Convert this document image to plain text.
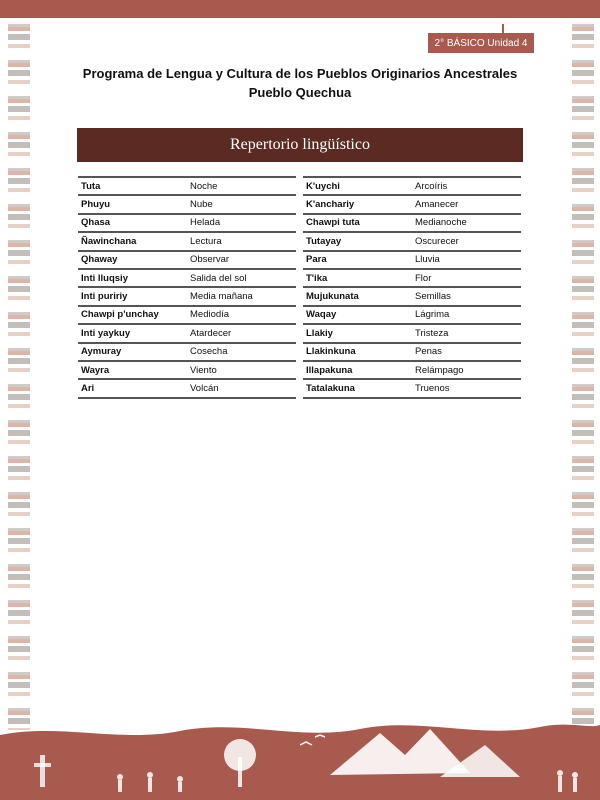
2° BÁSICO Unidad 4
Programa de Lengua y Cultura de los Pueblos Originarios Ancestrales
Pueblo Quechua
Repertorio lingüístico
Tuta	Noche
Phuyu	Nube
Qhasa	Helada
Ñawinchana	Lectura
Qhaway	Observar
Inti lluqsiy	Salida del sol
Inti puririy	Media mañana
Chawpi p'unchay	Mediodía
Inti yaykuy	Atardecer
Aymuray	Cosecha
Wayra	Viento
Ari	Volcán
K'uychi	Arcoíris
K'anchariy	Amanecer
Chawpi tuta	Medianoche
Tutayay	Oscurecer
Para	Lluvia
T'ika	Flor
Mujukunata	Semillas
Waqay	Lágrima
Llakiy	Tristeza
Llakinkuna	Penas
Illapakuna	Relámpago
Tatalakuna	Truenos
